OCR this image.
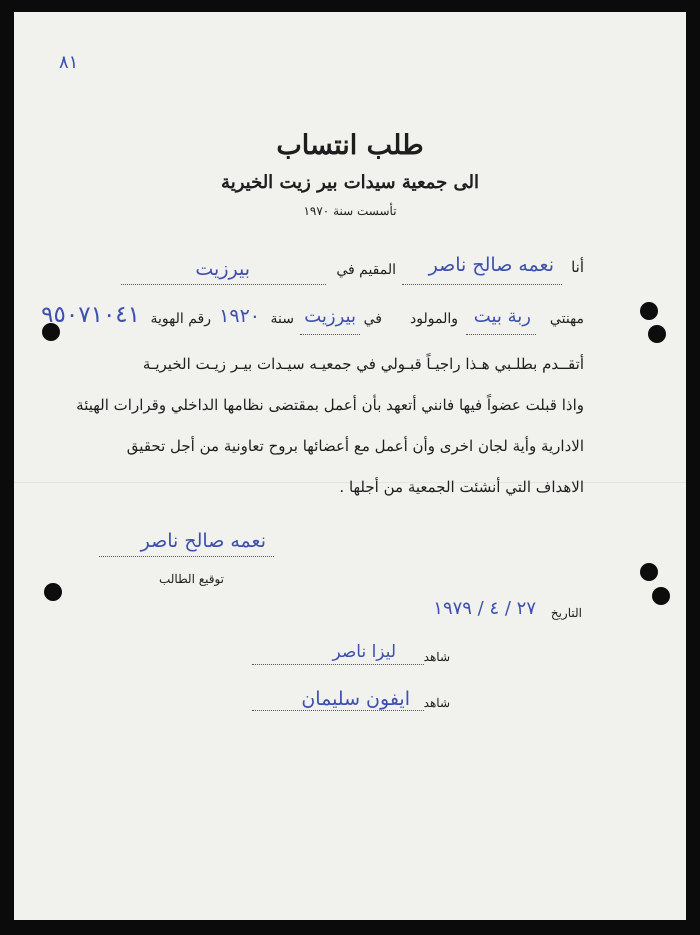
٨١
طلب انتساب
الى جمعية سيدات بير زيت الخيرية
تأسست سنة ١٩٧٠
أنا
نعمه صالح ناصر
المقيم في
بيرزيت
مهنتي
ربة بيت
والمولود
في
بيرزيت
سنة
١٩٢٠
رقم الهوية
٩٥٠٧١٠٤١
أتقــدم بطلـبي هـذا راجيـاً قبـولي في جمعيـه سيـدات بيـر زيـت الخيريـة
واذا قبلت عضواً فيها فانني أتعهد بأن أعمل بمقتضى نظامها الداخلي وقرارات الهيئة
الادارية وأية لجان اخرى وأن أعمل مع أعضائها بروح تعاونية من أجل تحقيق
الاهداف التي أنشئت الجمعية من أجلها .
نعمه صالح ناصر
توقيع الطالب
التاريخ
٢٧ / ٤ / ١٩٧٩
شاهد
ليزا ناصر
شاهد
ايفون سليمان
